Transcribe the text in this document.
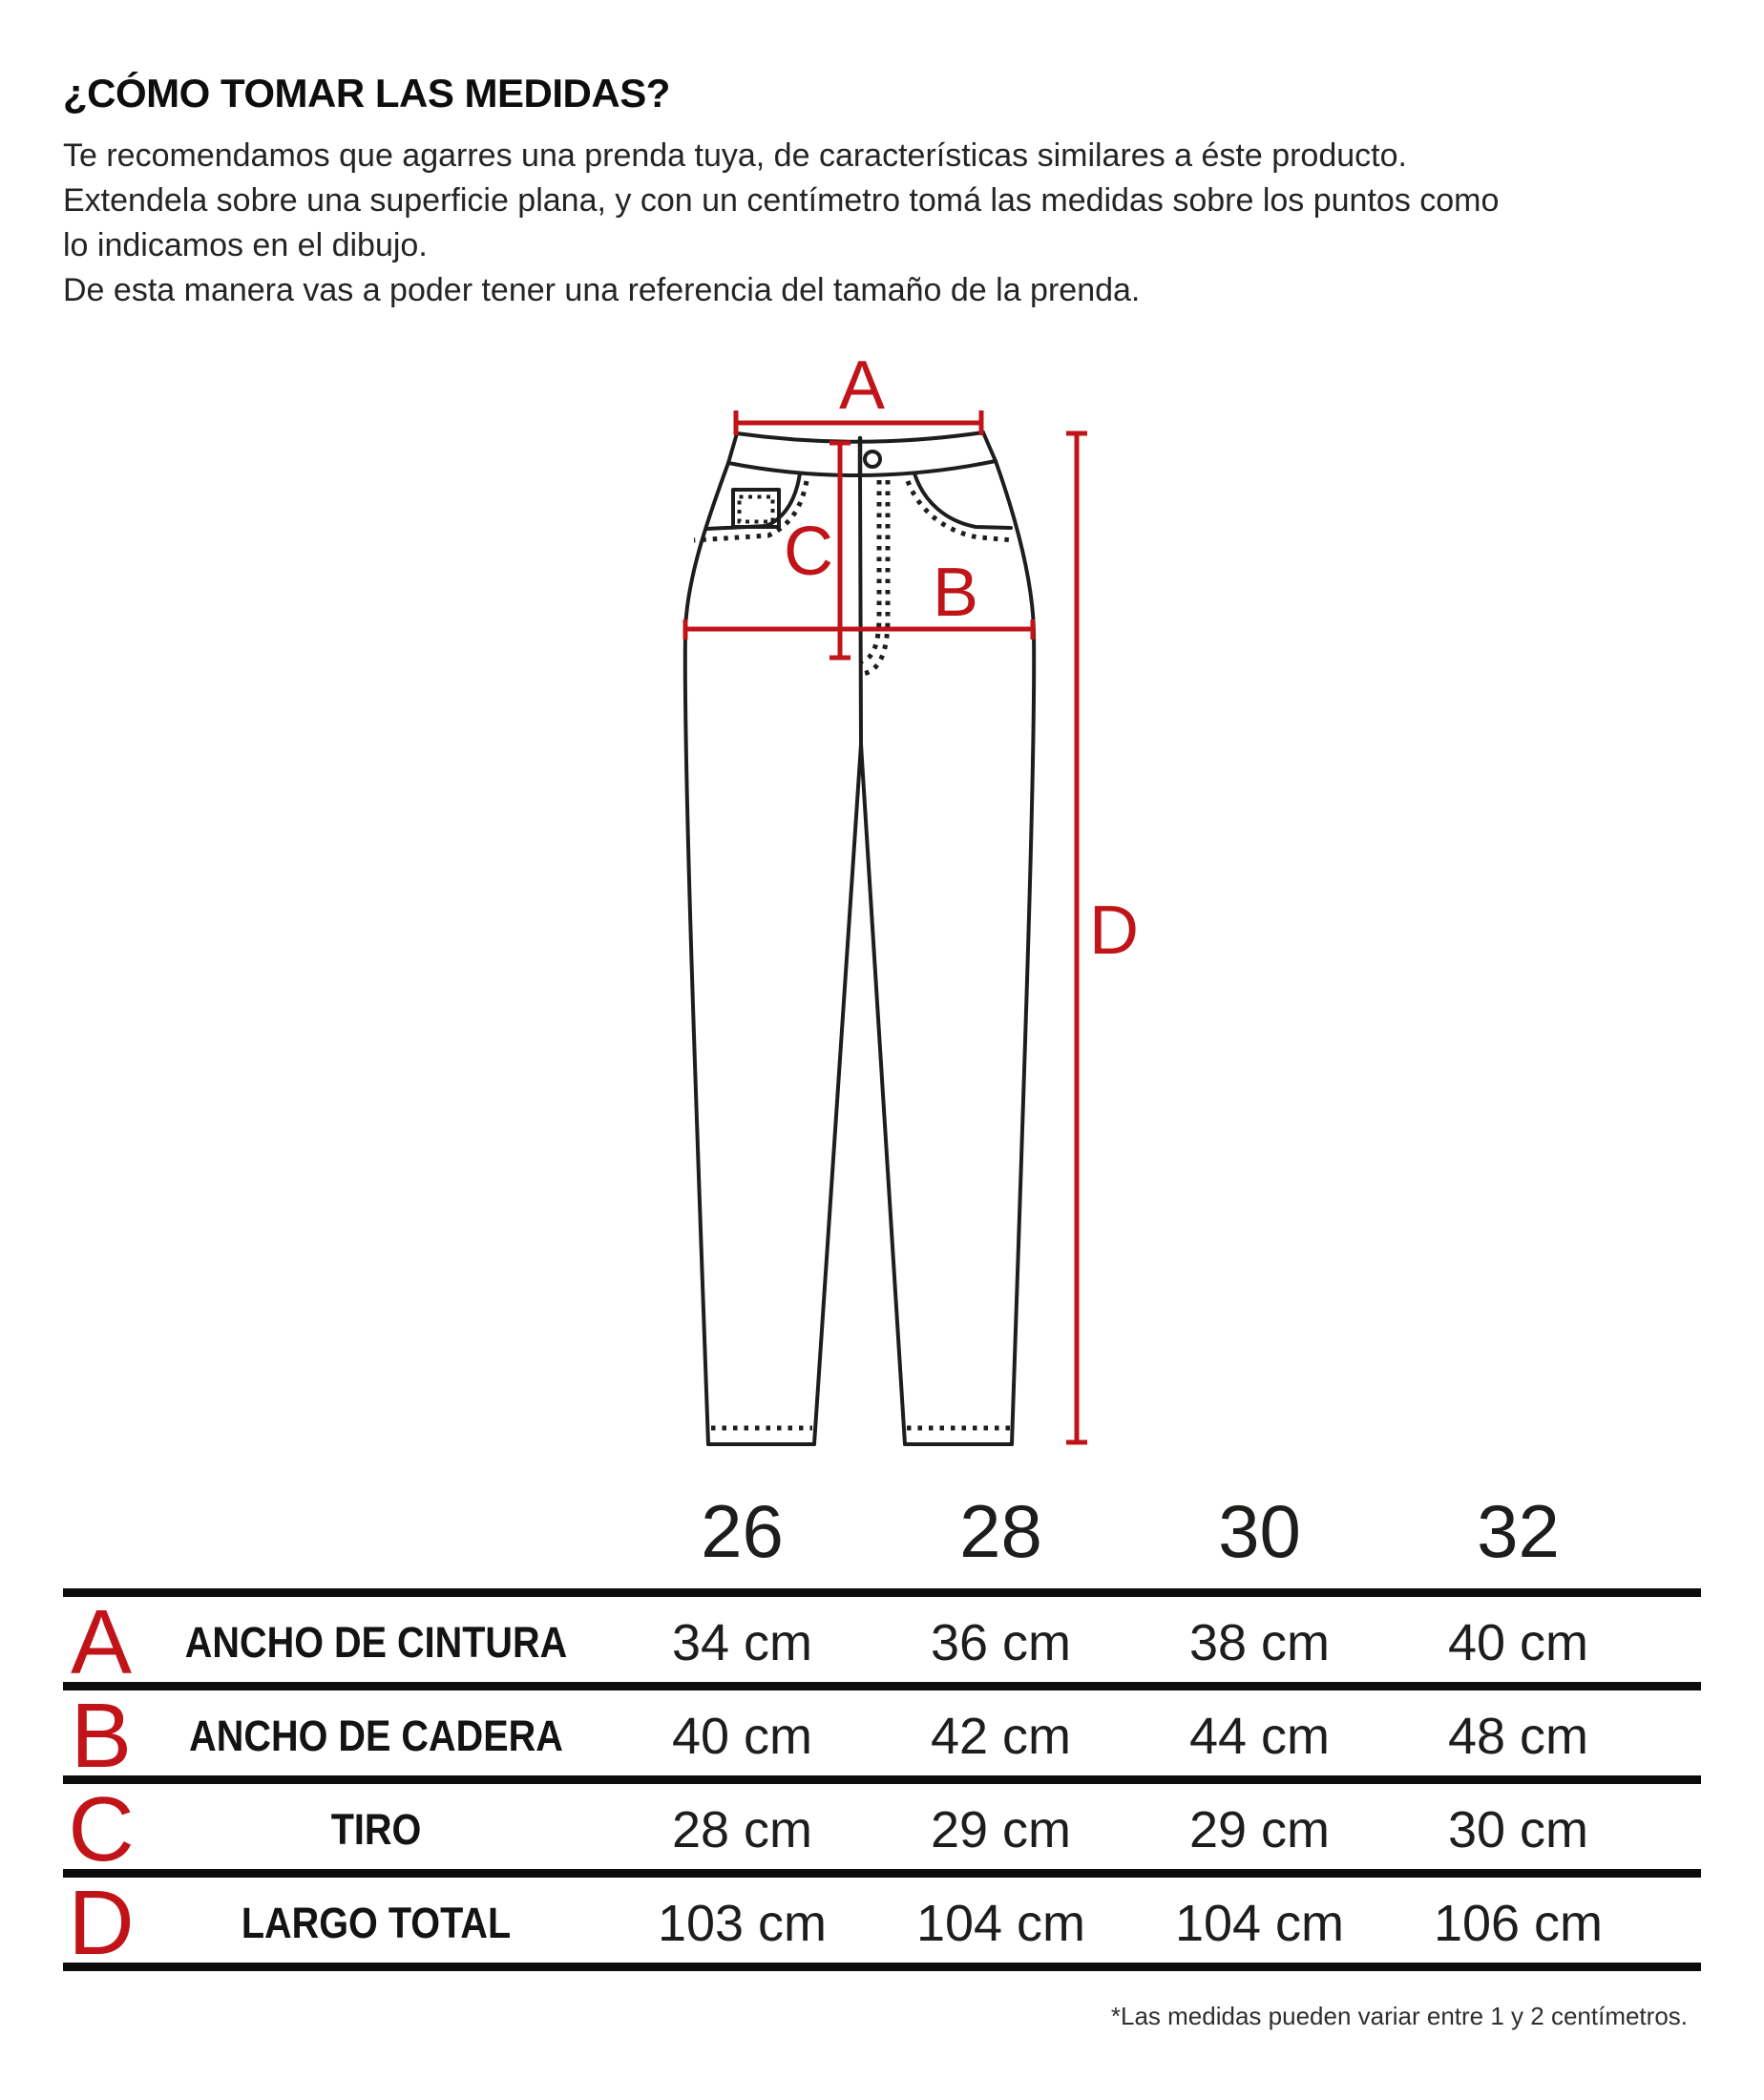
¿CÓMO TOMAR LAS MEDIDAS?
Te recomendamos que agarres una prenda tuya, de características similares a éste producto.
Extendela sobre una superficie plana, y con un centímetro tomá las medidas sobre los puntos como
lo indicamos en el dibujo.
De esta manera vas a poder tener una referencia del tamaño de la prenda.
A
C
B
D
26	28	30	32
A	ANCHO DE CINTURA	34 cm	36 cm	38 cm	40 cm
B	ANCHO DE CADERA	40 cm	42 cm	44 cm	48 cm
C	TIRO	28 cm	29 cm	29 cm	30 cm
D	LARGO TOTAL	103 cm	104 cm	104 cm	106 cm
*Las medidas pueden variar entre 1 y 2 centímetros.
